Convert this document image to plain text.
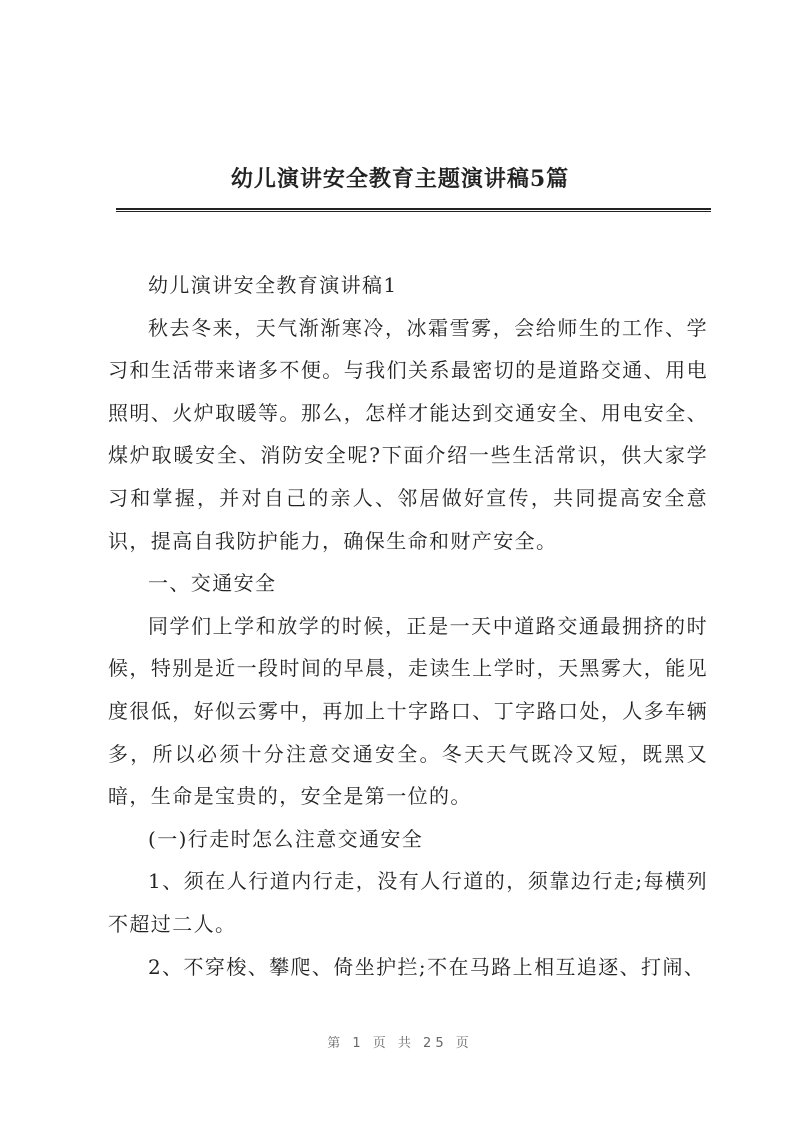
幼儿演讲安全教育主题演讲稿5篇

幼儿演讲安全教育演讲稿1

秋去冬来，天气渐渐寒冷，冰霜雪雾，会给师生的工作、学习和生活带来诸多不便。与我们关系最密切的是道路交通、用电照明、火炉取暖等。那么，怎样才能达到交通安全、用电安全、煤炉取暖安全、消防安全呢?下面介绍一些生活常识，供大家学习和掌握，并对自己的亲人、邻居做好宣传，共同提高安全意识，提高自我防护能力，确保生命和财产安全。

一、交通安全

同学们上学和放学的时候，正是一天中道路交通最拥挤的时候，特别是近一段时间的早晨，走读生上学时，天黑雾大，能见度很低，好似云雾中，再加上十字路口、丁字路口处，人多车辆多，所以必须十分注意交通安全。冬天天气既冷又短，既黑又暗，生命是宝贵的，安全是第一位的。

(一)行走时怎么注意交通安全

1、须在人行道内行走，没有人行道的，须靠边行走;每横列不超过二人。

2、不穿梭、攀爬、倚坐护拦;不在马路上相互追逐、打闹、

第 1 页 共 25 页
